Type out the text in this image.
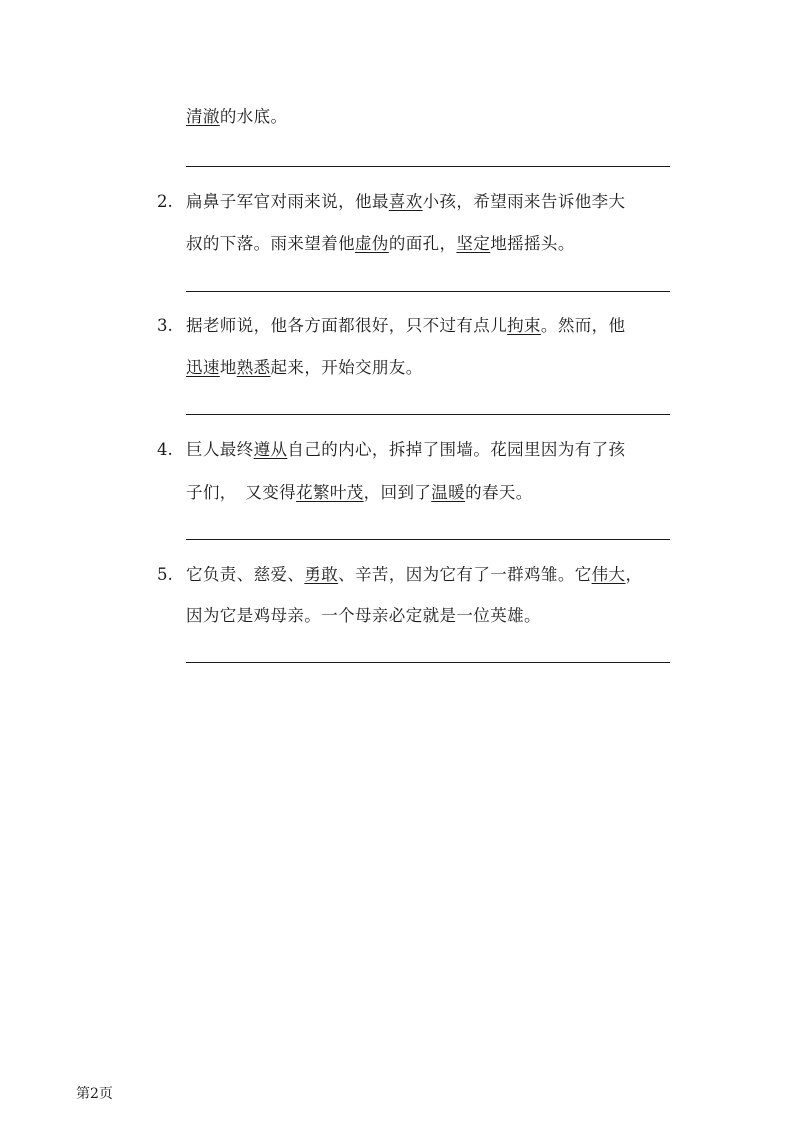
清澈的水底。
2. 扁鼻子军官对雨来说，他最喜欢小孩，希望雨来告诉他李大
叔的下落。雨来望着他虚伪的面孔，坚定地摇摇头。
3. 据老师说，他各方面都很好，只不过有点儿拘束。然而，他
迅速地熟悉起来，开始交朋友。
4. 巨人最终遵从自己的内心，拆掉了围墙。花园里因为有了孩
子们，　又变得花繁叶茂，回到了温暖的春天。
5. 它负责、慈爱、勇敢、辛苦，因为它有了一群鸡雏。它伟大，
因为它是鸡母亲。一个母亲必定就是一位英雄。
第2页
